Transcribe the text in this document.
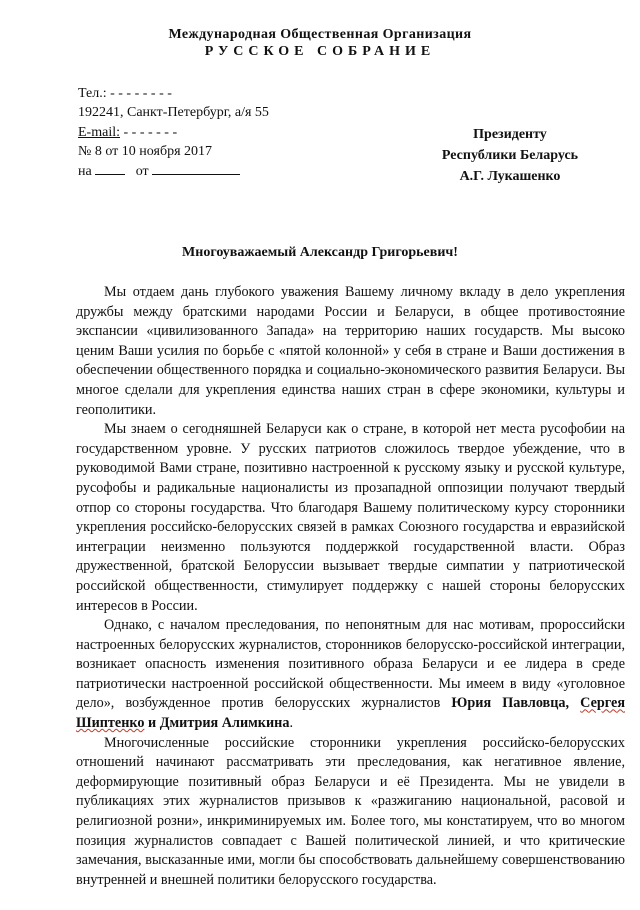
Международная Общественная Организация
РУССКОЕ СОБРАНИЕ
Тел.: - - - - - - - -
192241, Санкт-Петербург, а/я 55
E-mail: - - - - - - -
№ 8 от 10 ноября 2017
на	от
Президенту
Республики Беларусь
А.Г. Лукашенко
Многоуважаемый Александр Григорьевич!

Мы отдаем дань глубокого уважения Вашему личному вкладу в дело укрепления дружбы между братскими народами России и Беларуси, в общее противостояние экспансии «цивилизованного Запада» на территорию наших государств. Мы высоко ценим Ваши усилия по борьбе с «пятой колонной» у себя в стране и Ваши достижения в обеспечении общественного порядка и социально-экономического развития Беларуси. Вы многое сделали для укрепления единства наших стран в сфере экономики, культуры и геополитики.

Мы знаем о сегодняшней Беларуси как о стране, в которой нет места русофобии на государственном уровне. У русских патриотов сложилось твердое убеждение, что в руководимой Вами стране, позитивно настроенной к русскому языку и русской культуре, русофобы и радикальные националисты из прозападной оппозиции получают твердый отпор со стороны государства. Что благодаря Вашему политическому курсу сторонники укрепления российско-белорусских связей в рамках Союзного государства и евразийской интеграции неизменно пользуются поддержкой государственной власти. Образ дружественной, братской Белоруссии вызывает твердые симпатии у патриотической российской общественности, стимулирует поддержку с нашей стороны белорусских интересов в России.

Однако, с началом преследования, по непонятным для нас мотивам, пророссийски настроенных белорусских журналистов, сторонников белорусско-российской интеграции, возникает опасность изменения позитивного образа Беларуси и ее лидера в среде патриотически настроенной российской общественности. Мы имеем в виду «уголовное дело», возбужденное против белорусских журналистов Юрия Павловца, Сергея Шиптенко и Дмитрия Алимкина.

Многочисленные российские сторонники укрепления российско-белорусских отношений начинают рассматривать эти преследования, как негативное явление, деформирующие позитивный образ Беларуси и её Президента. Мы не увидели в публикациях этих журналистов призывов к «разжиганию национальной, расовой и религиозной розни», инкриминируемых им. Более того, мы констатируем, что во многом позиция журналистов совпадает с Вашей политической линией, и что критические замечания, высказанные ими, могли бы способствовать дальнейшему совершенствованию внутренней и внешней политики белорусского государства.
